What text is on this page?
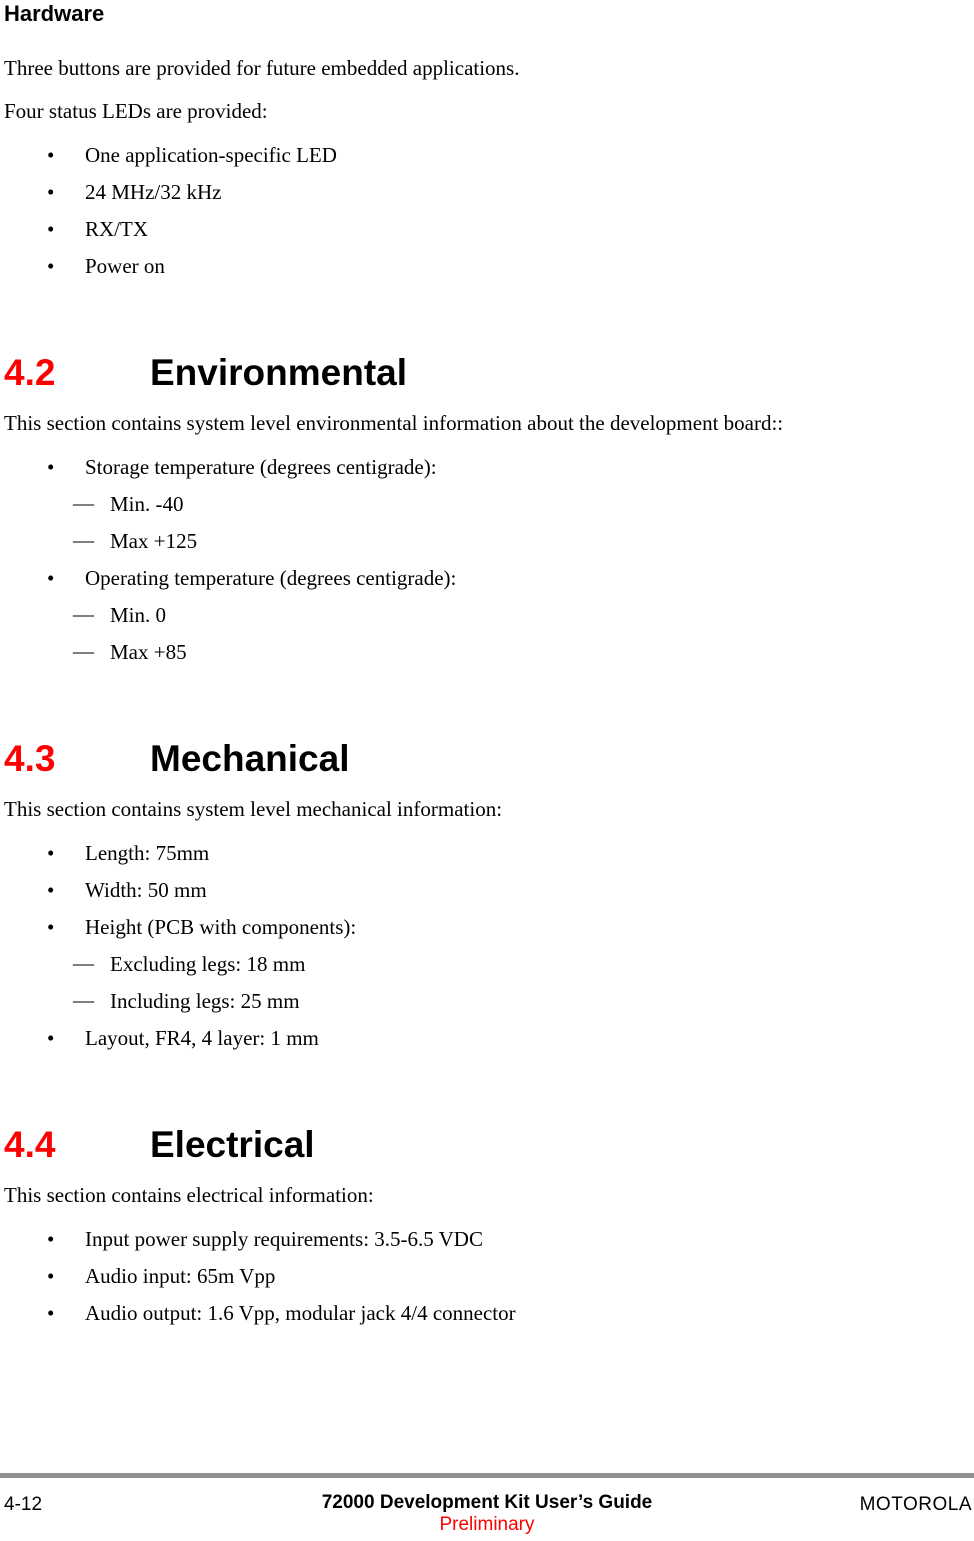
Hardware

Three buttons are provided for future embedded applications.

Four status LEDs are provided:

• One application-specific LED
• 24 MHz/32 kHz
• RX/TX
• Power on
4.2	Environmental

This section contains system level environmental information about the development board::

• Storage temperature (degrees centigrade):
— Min. -40
— Max +125
• Operating temperature (degrees centigrade):
— Min. 0
— Max +85
4.3	Mechanical

This section contains system level mechanical information:

• Length: 75mm
• Width: 50 mm
• Height (PCB with components):
— Excluding legs: 18 mm
— Including legs: 25 mm
• Layout, FR4, 4 layer: 1 mm
4.4	Electrical

This section contains electrical information:

• Input power supply requirements: 3.5-6.5 VDC
• Audio input: 65m Vpp
• Audio output: 1.6 Vpp, modular jack 4/4 connector
4-12	72000 Development Kit User’s Guide
Preliminary
MOTOROLA
